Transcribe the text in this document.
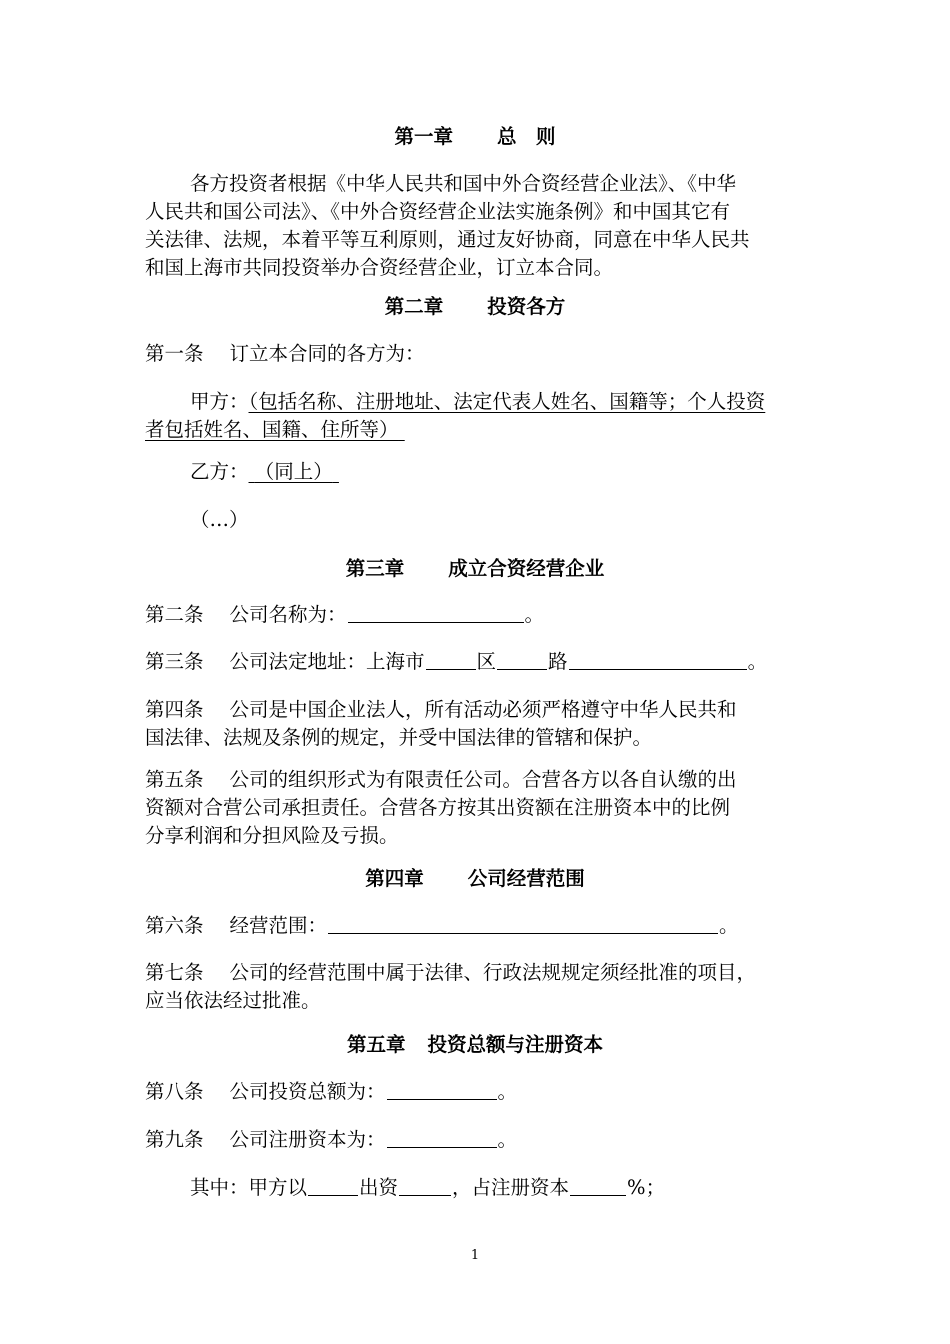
第一章 总　则
各方投资者根据《中华人民共和国中外合资经营企业法》、《中华
人民共和国公司法》、《中外合资经营企业法实施条例》和中国其它有
关法律、法规，本着平等互利原则，通过友好协商，同意在中华人民共
和国上海市共同投资举办合资经营企业，订立本合同。
第二章 投资各方
第一条 订立本合同的各方为：
甲方：（包括名称、注册地址、法定代表人姓名、国籍等；个人投资
者包括姓名、国籍、住所等）
乙方： （同上）
（…）
第三章 成立合资经营企业
第二条 公司名称为：	。
第三条 公司法定地址：上海市	区	路	。
第四条 公司是中国企业法人，所有活动必须严格遵守中华人民共和
国法律、法规及条例的规定，并受中国法律的管辖和保护。
第五条 公司的组织形式为有限责任公司。合营各方以各自认缴的出
资额对合营公司承担责任。合营各方按其出资额在注册资本中的比例
分享利润和分担风险及亏损。
第四章 公司经营范围
第六条 经营范围：	。
第七条 公司的经营范围中属于法律、行政法规规定须经批准的项目，
应当依法经过批准。
第五章 投资总额与注册资本
第八条 公司投资总额为：	。
第九条 公司注册资本为：	。
其中：甲方以	出资	，占注册资本	%；
1
